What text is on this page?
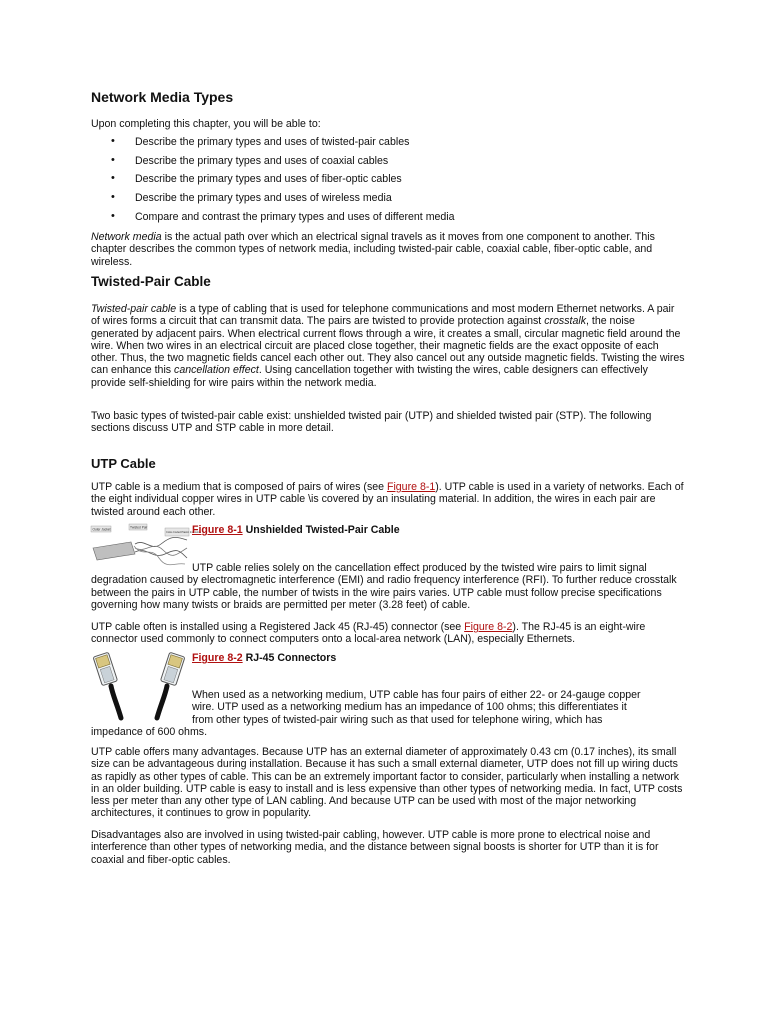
Network Media Types

Upon completing this chapter, you will be able to:

• Describe the primary types and uses of twisted-pair cables
• Describe the primary types and uses of coaxial cables
• Describe the primary types and uses of fiber-optic cables
• Describe the primary types and uses of wireless media
• Compare and contrast the primary types and uses of different media

Network media is the actual path over which an electrical signal travels as it moves from one component to another. This chapter describes the common types of network media, including twisted-pair cable, coaxial cable, fiber-optic cable, and wireless.

Twisted-Pair Cable

Twisted-pair cable is a type of cabling that is used for telephone communications and most modern Ethernet networks. A pair of wires forms a circuit that can transmit data. The pairs are twisted to provide protection against crosstalk, the noise generated by adjacent pairs. When electrical current flows through a wire, it creates a small, circular magnetic field around the wire. When two wires in an electrical circuit are placed close together, their magnetic fields are the exact opposite of each other. Thus, the two magnetic fields cancel each other out. They also cancel out any outside magnetic fields. Twisting the wires can enhance this cancellation effect. Using cancellation together with twisting the wires, cable designers can effectively provide self-shielding for wire pairs within the network media.

Two basic types of twisted-pair cable exist: unshielded twisted pair (UTP) and shielded twisted pair (STP). The following sections discuss UTP and STP cable in more detail.

UTP Cable

UTP cable is a medium that is composed of pairs of wires (see Figure 8-1). UTP cable is used in a variety of networks. Each of the eight individual copper wires in UTP cable \is covered by an insulating material. In addition, the wires in each pair are twisted around each other.

Outer Jacket	Twisted Pair
Color-Coded Plastic Insulation
Figure 8-1 Unshielded Twisted-Pair Cable

UTP cable relies solely on the cancellation effect produced by the twisted wire pairs to limit signal degradation caused by electromagnetic interference (EMI) and radio frequency interference (RFI). To further reduce crosstalk between the pairs in UTP cable, the number of twists in the wire pairs varies. UTP cable must follow precise specifications governing how many twists or braids are permitted per meter (3.28 feet) of cable.

UTP cable often is installed using a Registered Jack 45 (RJ-45) connector (see Figure 8-2). The RJ-45 is an eight-wire connector used commonly to connect computers onto a local-area network (LAN), especially Ethernets.

Figure 8-2 RJ-45 Connectors
When used as a networking medium, UTP cable has four pairs of either 22- or 24-gauge copper
wire. UTP used as a networking medium has an impedance of 100 ohms; this differentiates it
from other types of twisted-pair wiring such as that used for telephone wiring, which has
impedance of 600 ohms.

UTP cable offers many advantages. Because UTP has an external diameter of approximately 0.43 cm (0.17 inches), its small size can be advantageous during installation. Because it has such a small external diameter, UTP does not fill up wiring ducts as rapidly as other types of cable. This can be an extremely important factor to consider, particularly when installing a network in an older building. UTP cable is easy to install and is less expensive than other types of networking media. In fact, UTP costs less per meter than any other type of LAN cabling. And because UTP can be used with most of the major networking architectures, it continues to grow in popularity.

Disadvantages also are involved in using twisted-pair cabling, however. UTP cable is more prone to electrical noise and interference than other types of networking media, and the distance between signal boosts is shorter for UTP than it is for coaxial and fiber-optic cables.
